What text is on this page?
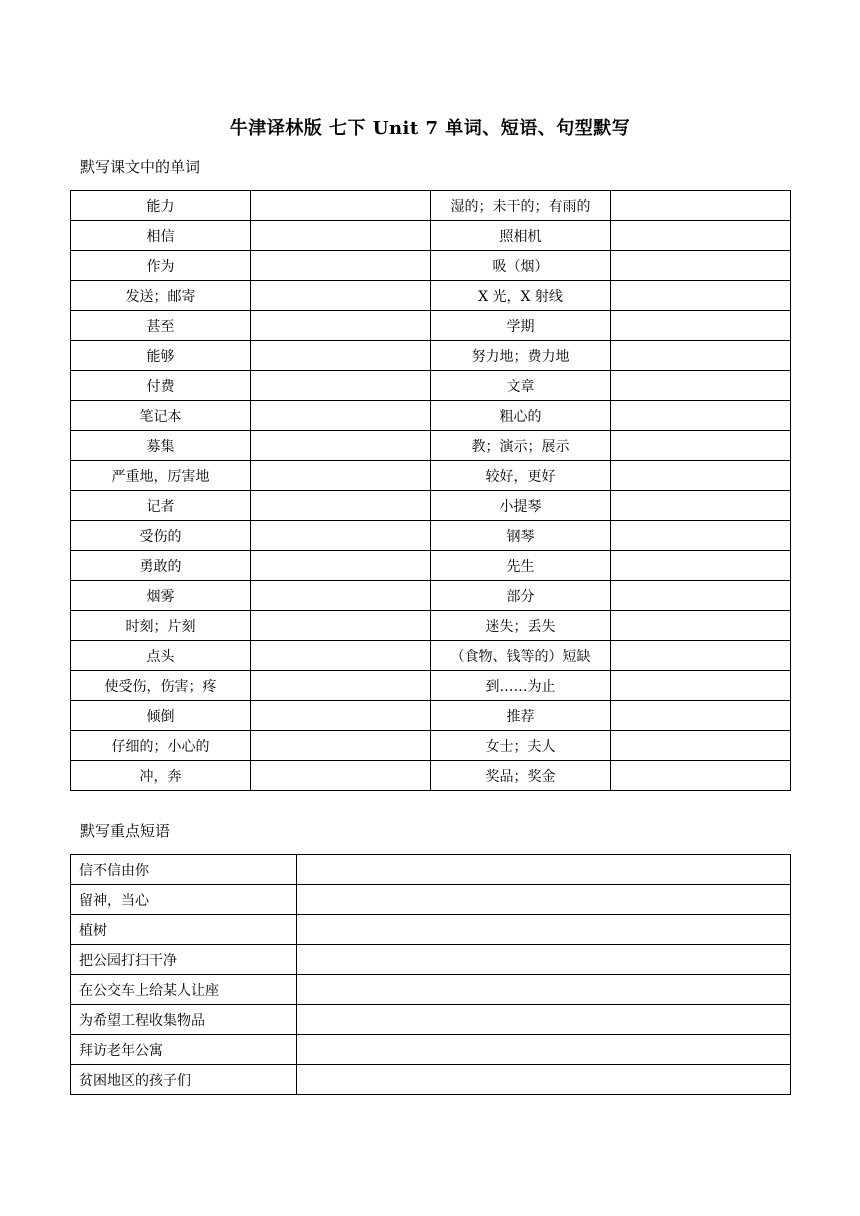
牛津译林版 七下 Unit 7 单词、短语、句型默写
默写课文中的单词
能力		湿的；未干的；有雨的	
相信		照相机	
作为		吸（烟）	
发送；邮寄		X 光，X 射线	
甚至		学期	
能够		努力地；费力地	
付费		文章	
笔记本		粗心的	
募集		教；演示；展示	
严重地，厉害地		较好，更好	
记者		小提琴	
受伤的		钢琴	
勇敢的		先生	
烟雾		部分	
时刻；片刻		迷失；丢失	
点头		（食物、钱等的）短缺	
使受伤，伤害；疼		到……为止	
倾倒		推荐	
仔细的；小心的		女士；夫人	
冲，奔		奖品；奖金	
默写重点短语
信不信由你	
留神，当心	
植树	
把公园打扫干净	
在公交车上给某人让座	
为希望工程收集物品	
拜访老年公寓	
贫困地区的孩子们	
